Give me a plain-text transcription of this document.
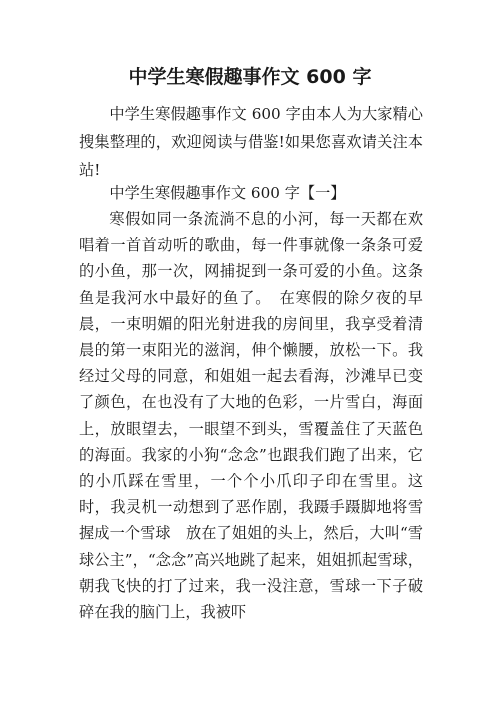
中学生寒假趣事作文 600 字

中学生寒假趣事作文 600 字由本人为大家精心搜集整理的，欢迎阅读与借鉴!如果您喜欢请关注本站!

中学生寒假趣事作文 600 字【一】

寒假如同一条流淌不息的小河，每一天都在欢唱着一首首动听的歌曲，每一件事就像一条条可爱的小鱼，那一次，网捕捉到一条可爱的小鱼。这条鱼是我河水中最好的鱼了。　在寒假的除夕夜的早晨，一束明媚的阳光射进我的房间里，我享受着清晨的第一束阳光的滋润，伸个懒腰，放松一下。我经过父母的同意，和姐姐一起去看海，沙滩早已变了颜色，在也没有了大地的色彩，一片雪白，海面上，放眼望去，一眼望不到头，雪覆盖住了天蓝色的海面。我家的小狗“念念”也跟我们跑了出来，它的小爪踩在雪里，一个个小爪印子印在雪里。这时，我灵机一动想到了恶作剧，我蹑手蹑脚地将雪握成一个雪球　放在了姐姐的头上，然后，大叫“雪球公主”，“念念”高兴地跳了起来，姐姐抓起雪球，朝我飞快的打了过来，我一没注意，雪球一下子破　碎在我的脑门上，我被吓
